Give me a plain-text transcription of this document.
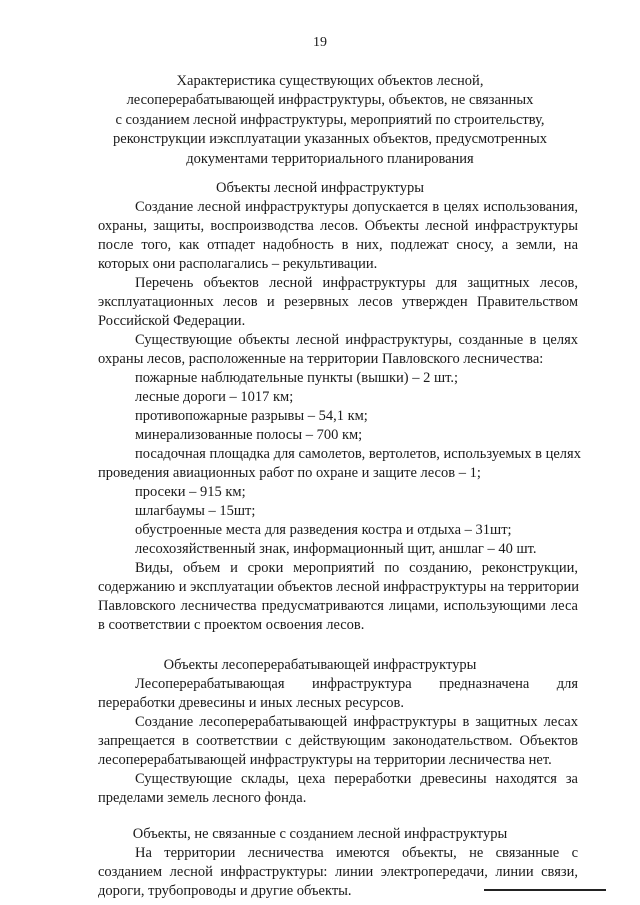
19
Характеристика существующих объектов лесной,
лесоперерабатывающей инфраструктуры, объектов, не связанных
с созданием лесной инфраструктуры, мероприятий по строительству,
реконструкции иэксплуатации указанных объектов, предусмотренных
документами территориального планирования
Объекты лесной инфраструктуры
Создание лесной инфраструктуры допускается в целях использования,
охраны, защиты, воспроизводства лесов. Объекты лесной инфраструктуры
после того, как отпадет надобность в них, подлежат сносу, а земли, на
которых они располагались – рекультивации.
Перечень объектов лесной инфраструктуры для защитных лесов,
эксплуатационных лесов и резервных лесов утвержден Правительством
Российской Федерации.
Существующие объекты лесной инфраструктуры, созданные в целях
охраны лесов, расположенные на территории Павловского лесничества:
пожарные наблюдательные пункты (вышки) – 2 шт.;
лесные дороги – 1017 км;
противопожарные разрывы – 54,1 км;
минерализованные полосы – 700 км;
посадочная площадка для самолетов, вертолетов, используемых в целях
проведения авиационных работ по охране и защите лесов – 1;
просеки – 915 км;
шлагбаумы – 15шт;
обустроенные места для разведения костра и отдыха – 31шт;
лесохозяйственный знак, информационный щит, аншлаг – 40 шт.
Виды, объем и сроки мероприятий по созданию, реконструкции,
содержанию и эксплуатации объектов лесной инфраструктуры на территории
Павловского лесничества предусматриваются лицами, использующими леса
в соответствии с проектом освоения лесов.
Объекты лесоперерабатывающей инфраструктуры
Лесоперерабатывающая инфраструктура предназначена для
переработки древесины и иных лесных ресурсов.
Создание лесоперерабатывающей инфраструктуры в защитных лесах
запрещается в соответствии с действующим законодательством. Объектов
лесоперерабатывающей инфраструктуры на территории лесничества нет.
Существующие склады, цеха переработки древесины находятся за
пределами земель лесного фонда.
Объекты, не связанные с созданием лесной инфраструктуры
На территории лесничества имеются объекты, не связанные с
созданием лесной инфраструктуры: линии электропередачи, линии связи,
дороги, трубопроводы и другие объекты.
